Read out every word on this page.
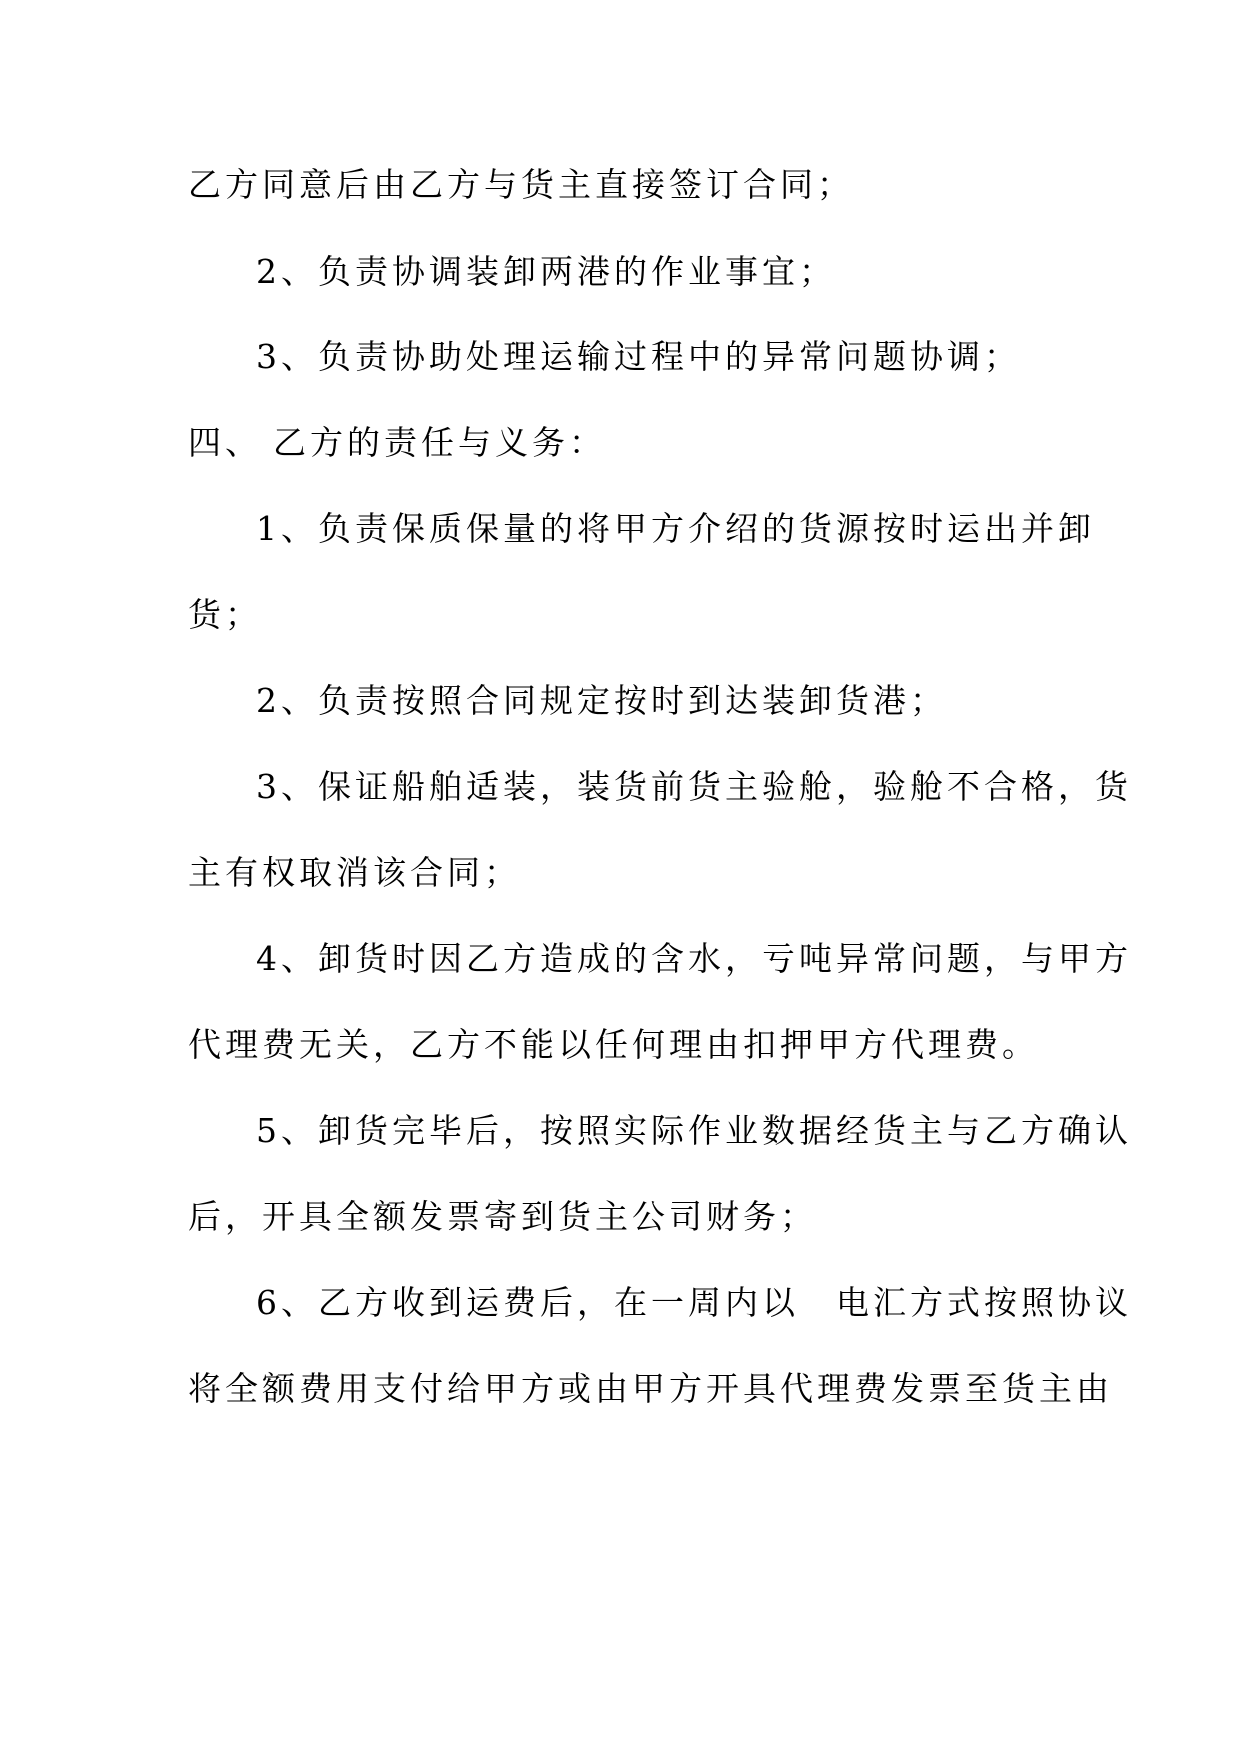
乙方同意后由乙方与货主直接签订合同；
2、负责协调装卸两港的作业事宜；
3、负责协助处理运输过程中的异常问题协调；
四、 乙方的责任与义务：
1、负责保质保量的将甲方介绍的货源按时运出并卸
货；
2、负责按照合同规定按时到达装卸货港；
3、保证船舶适装，装货前货主验舱，验舱不合格，货
主有权取消该合同；
4、卸货时因乙方造成的含水，亏吨异常问题，与甲方
代理费无关，乙方不能以任何理由扣押甲方代理费。
5、卸货完毕后，按照实际作业数据经货主与乙方确认
后，开具全额发票寄到货主公司财务；
6、乙方收到运费后，在一周内以　电汇方式按照协议
将全额费用支付给甲方或由甲方开具代理费发票至货主由
